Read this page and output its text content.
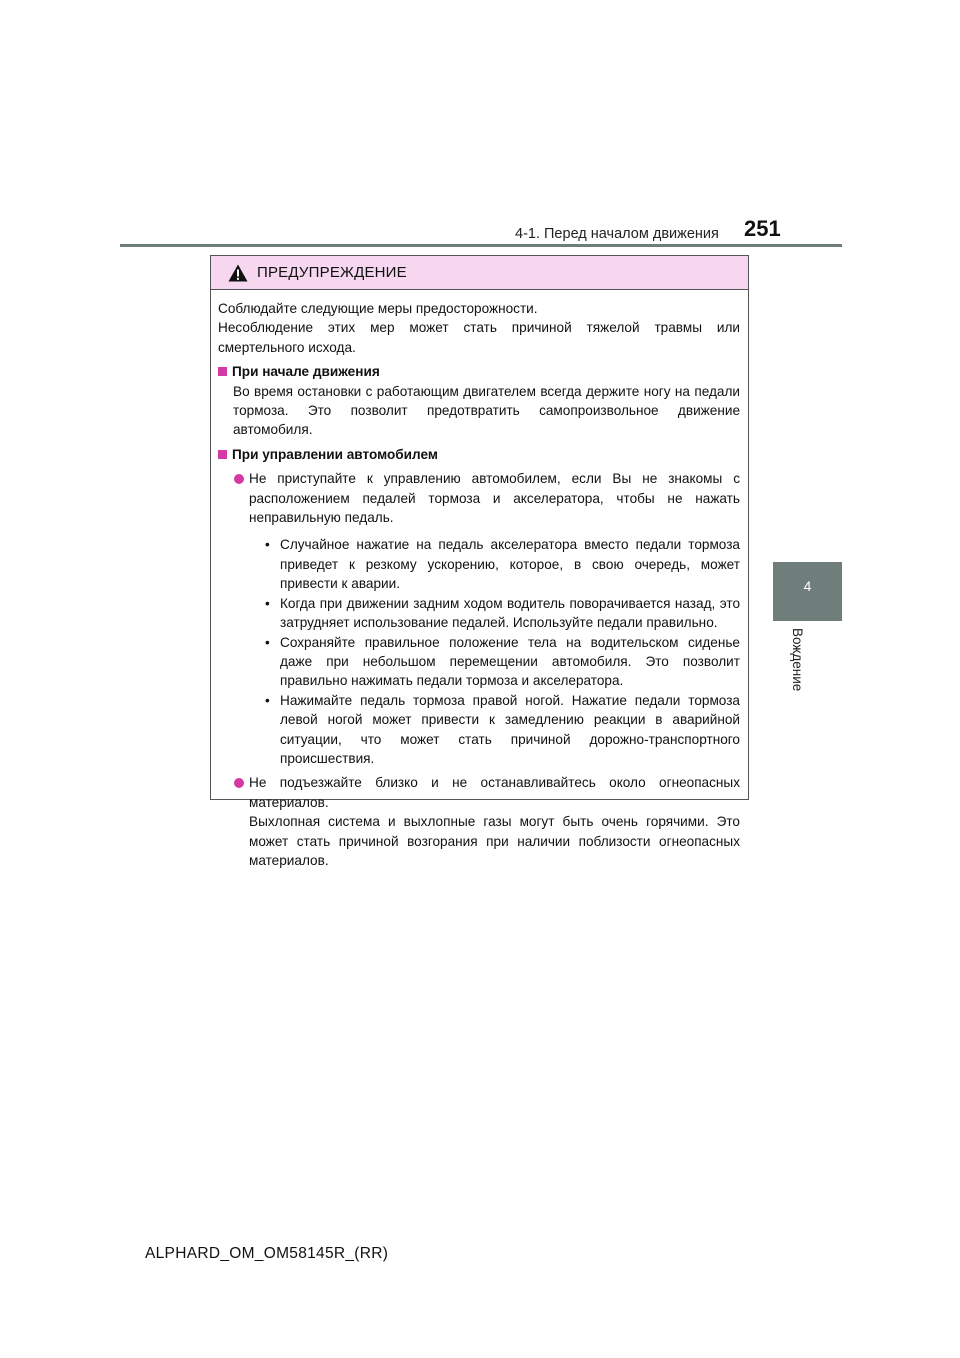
4-1. Перед началом движения 251
4
Вождение
ПРЕДУПРЕЖДЕНИЕ
Соблюдайте следующие меры предосторожности.
Несоблюдение этих мер может стать причиной тяжелой травмы или смертельного исхода.
При начале движения
Во время остановки с работающим двигателем всегда держите ногу на педали тормоза. Это позволит предотвратить самопроизвольное движение автомобиля.
При управлении автомобилем
Не приступайте к управлению автомобилем, если Вы не знакомы с расположением педалей тормоза и акселератора, чтобы не нажать неправильную педаль.
• Случайное нажатие на педаль акселератора вместо педали тормоза приведет к резкому ускорению, которое, в свою очередь, может привести к аварии.
• Когда при движении задним ходом водитель поворачивается назад, это затрудняет использование педалей. Используйте педали правильно.
• Сохраняйте правильное положение тела на водительском сиденье даже при небольшом перемещении автомобиля. Это позволит правильно нажимать педали тормоза и акселератора.
• Нажимайте педаль тормоза правой ногой. Нажатие педали тормоза левой ногой может привести к замедлению реакции в аварийной ситуации, что может стать причиной дорожно-транспортного происшествия.
Не подъезжайте близко и не останавливайтесь около огнеопасных материалов.
Выхлопная система и выхлопные газы могут быть очень горячими. Это может стать причиной возгорания при наличии поблизости огнеопасных материалов.
ALPHARD_OM_OM58145R_(RR)
